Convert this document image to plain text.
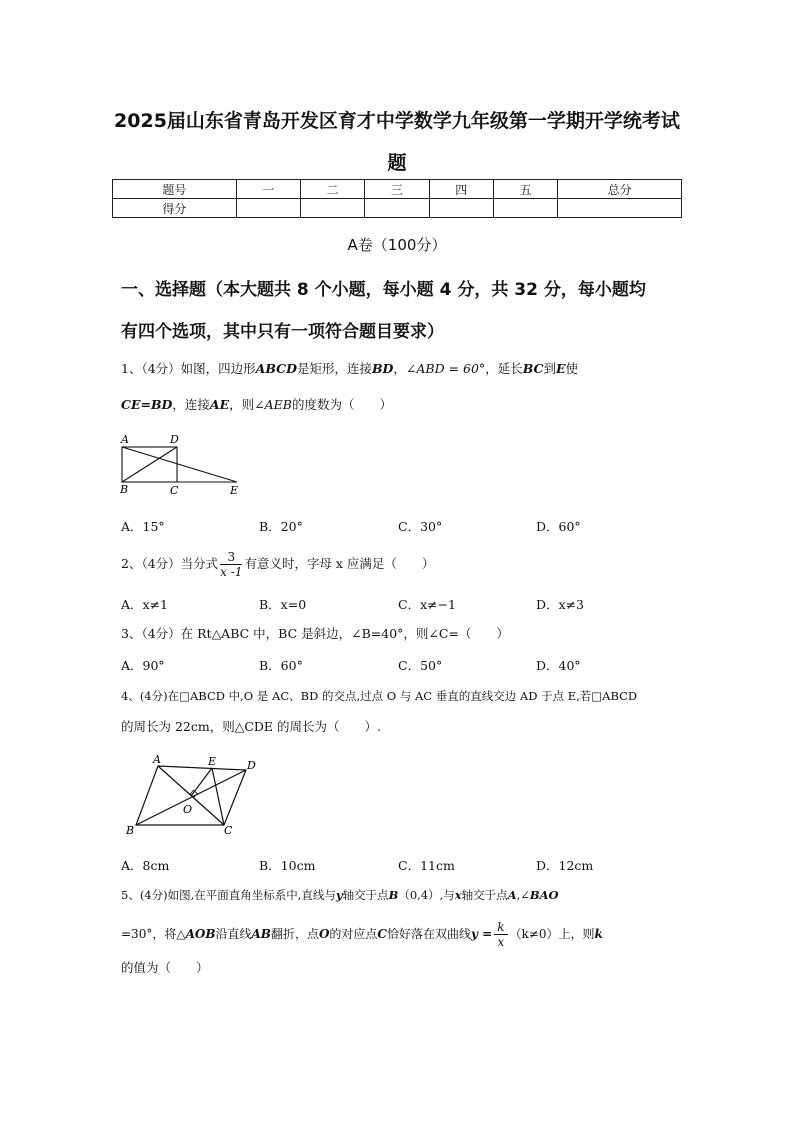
2025届山东省青岛开发区育才中学数学九年级第一学期开学统考试
题
题号	一	二	三	四	五	总分
得分						
A卷（100分）
一、选择题（本大题共 8 个小题，每小题 4 分，共 32 分，每小题均
有四个选项，其中只有一项符合题目要求）
1、（4分）如图，四边形ABCD是矩形，连接BD，∠ABD = 60°，延长BC到E使
CE=BD，连接AE，则∠AEB的度数为（　　）
A	D
B	C	E
A．15°	B．20°	C．30°	D．60°
2、（4分）当分式 $\frac{3}{x -1}$ 有意义时，字母 x 应满足（　　）
A．x≠1	B．x=0	C．x≠−1	D．x≠3
3、（4分）在 Rt△ABC 中，BC 是斜边，∠B=40°，则∠C=（　　）
A．90°	B．60°	C．50°	D．40°
4、(4分)在□ABCD 中,O 是 AC、BD 的交点,过点 O 与 AC 垂直的直线交边 AD 于点 E,若□ABCD
的周长为 22cm，则△CDE 的周长为（　　）.
A	E	D
O
B	C
A．8cm	B．10cm	C．11cm	D．12cm
5、(4分)如图,在平面直角坐标系中,直线与y轴交于点B（0,4）,与x轴交于点A,∠BAO
=30°，将△AOB沿直线AB翻折，点O的对应点C恰好落在双曲线$y = \frac{k}{x} (k\ne 0)$上，则k
的值为（　　）
